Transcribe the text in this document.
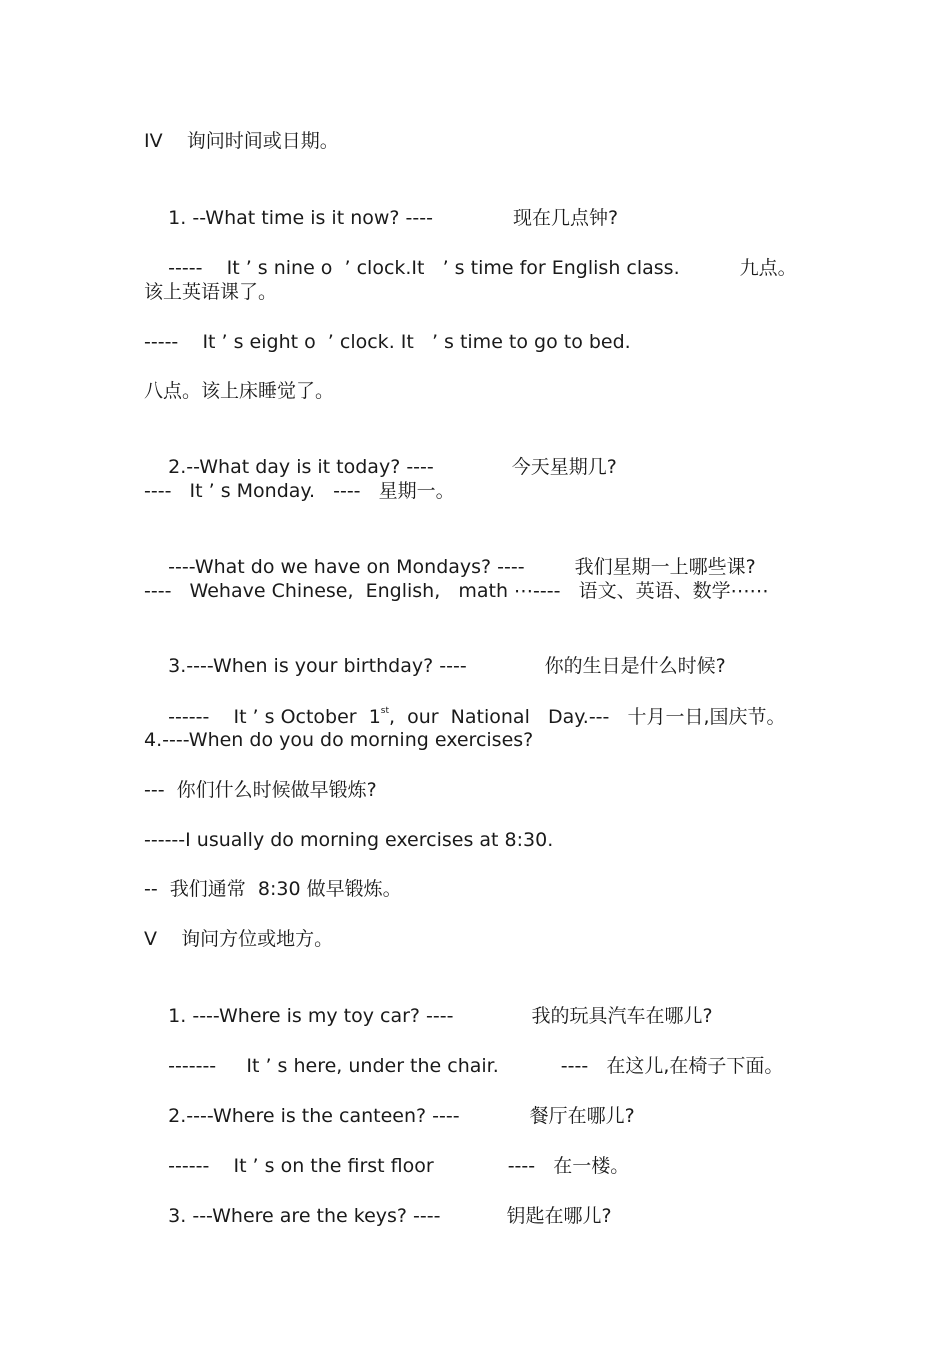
IV    询问时间或日期。

1. --What time is it now? ----	现在几点钟?

-----    It ’ s nine o  ’ clock.It   ’ s time for English class.	九点。

该上英语课了。
-----    It ’ s eight o  ’ clock. It   ’ s time to go to bed.
八点。该上床睡觉了。

2.--What day is it today? ----	今天星期几?

----   It ’ s Monday.   ----   星期一。

----What do we have on Mondays? ----	我们星期一上哪些课?

----   Wehave Chinese,  English,   math ⋯----   语文、英语、数学⋯⋯

3.----When is your birthday? ----	你的生日是什么时候?

------    It ’ s October  1st,  our  National   Day.---   十月一日,国庆节。

4.----When do you do morning exercises?
---  你们什么时候做早锻炼?
------I usually do morning exercises at 8:30.
--  我们通常  8:30 做早锻炼。
V    询问方位或地方。

1. ----Where is my toy car? ----	我的玩具汽车在哪儿?

-------     It ’ s here, under the chair.	----   在这儿,在椅子下面。

2.----Where is the canteen? ----	餐厅在哪儿?

------    It ’ s on the first floor	----   在一楼。

3. ---Where are the keys? ----	钥匙在哪儿?
